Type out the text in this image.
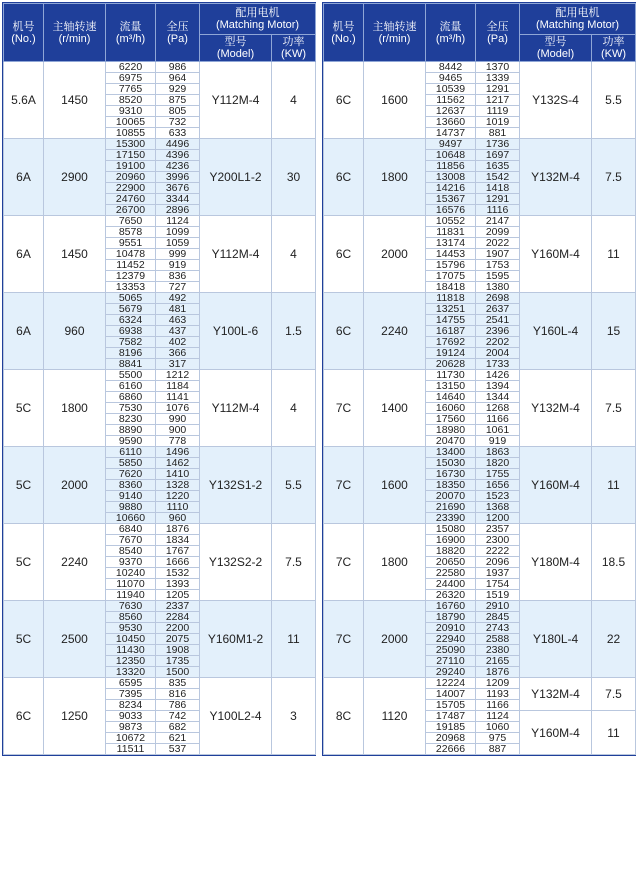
机号
(No.)	主轴转速
(r/min)	流量
(m³/h)	全压
(Pa)	配用电机
(Matching Motor)	

				型号
(Model)	功率
(KW)

5.6A	1450	6220	986	Y112M-4	4
		6975	964		
		7765	929		
		8520	875		
		9310	805		
		10065	732		
		10855	633		
6A	2900	15300	4496	Y200L1-2	30
		17150	4396		
		19100	4236		
		20960	3996		
		22900	3676		
		24760	3344		
		26700	2896		
6A	1450	7650	1124	Y112M-4	4
		8578	1099		
		9551	1059		
		10478	999		
		11452	919		
		12379	836		
		13353	727		
6A	960	5065	492	Y100L-6	1.5
		5679	481		
		6324	463		
		6938	437		
		7582	402		
		8196	366		
		8841	317		
5C	1800	5500	1212	Y112M-4	4
		6160	1184		
		6860	1141		
		7530	1076		
		8230	990		
		8890	900		
		9590	778		
5C	2000	6110	1496	Y132S1-2	5.5
		5850	1462		
		7620	1410		
		8360	1328		
		9140	1220		
		9880	1110		
		10660	960		
5C	2240	6840	1876	Y132S2-2	7.5
		7670	1834		
		8540	1767		
		9370	1666		
		10240	1532		
		11070	1393		
		11940	1205		
5C	2500	7630	2337	Y160M1-2	11
		8560	2284		
		9530	2200		
		10450	2075		
		11430	1908		
		12350	1735		
		13320	1500		
6C	1250	6595	835	Y100L2-4	3
		7395	816		
		8234	786		
		9033	742		
		9873	682		
		10672	621		
		11511	537		
机号
(No.)	主轴转速
(r/min)	流量
(m³/h)	全压
(Pa)	配用电机
(Matching Motor)	

				型号
(Model)	功率
(KW)

6C	1600	8442	1370	Y132S-4	5.5
		9465	1339		
		10539	1291		
		11562	1217		
		12637	1119		
		13660	1019		
		14737	881		
6C	1800	9497	1736	Y132M-4	7.5
		10648	1697		
		11856	1635		
		13008	1542		
		14216	1418		
		15367	1291		
		16576	1116		
6C	2000	10552	2147	Y160M-4	11
		11831	2099		
		13174	2022		
		14453	1907		
		15796	1753		
		17075	1595		
		18418	1380		
6C	2240	11818	2698	Y160L-4	15
		13251	2637		
		14755	2541		
		16187	2396		
		17692	2202		
		19124	2004		
		20628	1733		
7C	1400	11730	1426	Y132M-4	7.5
		13150	1394		
		14640	1344		
		16060	1268		
		17560	1166		
		18980	1061		
		20470	919		
7C	1600	13400	1863	Y160M-4	11
		15030	1820		
		16730	1755		
		18350	1656		
		20070	1523		
		21690	1368		
		23390	1200		
7C	1800	15080	2357	Y180M-4	18.5
		16900	2300		
		18820	2222		
		20650	2096		
		22580	1937		
		24400	1754		
		26320	1519		
7C	2000	16760	2910	Y180L-4	22
		18790	2845		
		20910	2743		
		22940	2588		
		25090	2380		
		27110	2165		
		29240	1876		
8C	1120	12224	1209	Y132M-4	7.5
		14007	1193		
		15705	1166		
		17487	1124	Y160M-4	11
		19185	1060		
		20968	975		
		22666	887		
